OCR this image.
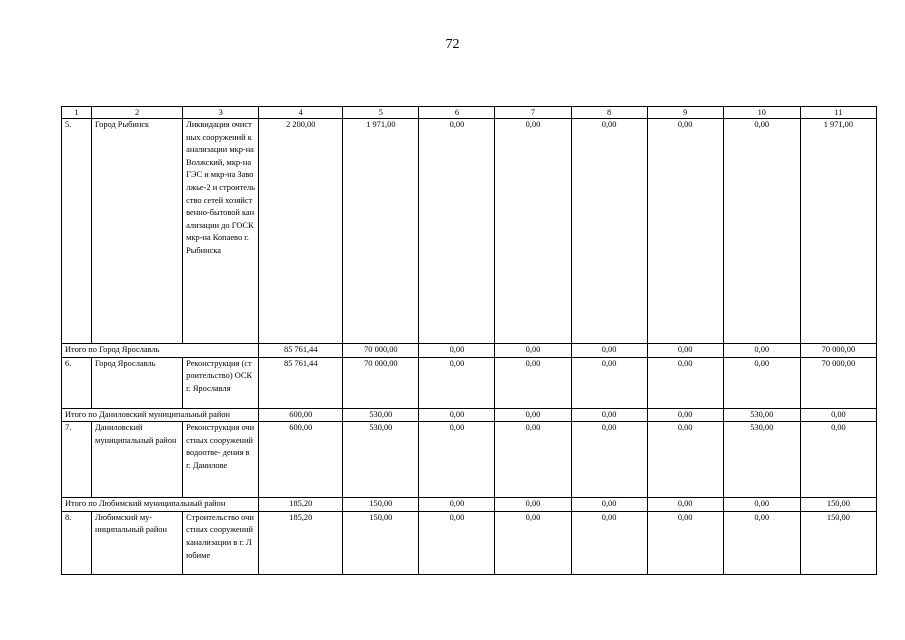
72
1	2	3	4	5	6	7	8	9	10	11
5.	Город Рыбинск	Ликвидация очистных сооружений канализации мкр-на Волжский, мкр-на ГЭС и мкр-на Заволжье-2 и строительство сетей хозяйственно-бытовой канализации до ГОСК мкр-на Копаево г. Рыбинска	2 200,00	1 971,00	0,00	0,00	0,00	0,00	0,00	1 971,00
Итого по Город Ярославль			85 761,44	70 000,00	0,00	0,00	0,00	0,00	0,00	70 000,00
6.	Город Ярославль	Реконструкция (строительство) ОСК г. Ярославля	85 761,44	70 000,00	0,00	0,00	0,00	0,00	0,00	70 000,00
Итого по Даниловский муниципальный район			600,00	530,00	0,00	0,00	0,00	0,00	530,00	0,00
7.	Даниловский муниципальный район	Реконструкция очистных сооружений водоотве- дения в г. Данилове	600,00	530,00	0,00	0,00	0,00	0,00	530,00	0,00
Итого по Любимский муниципальный район			185,20	150,00	0,00	0,00	0,00	0,00	0,00	150,00
8.	Любимский му- ниципальный район	Строительство очистных сооружений канализации в г. Любиме	185,20	150,00	0,00	0,00	0,00	0,00	0,00	150,00
